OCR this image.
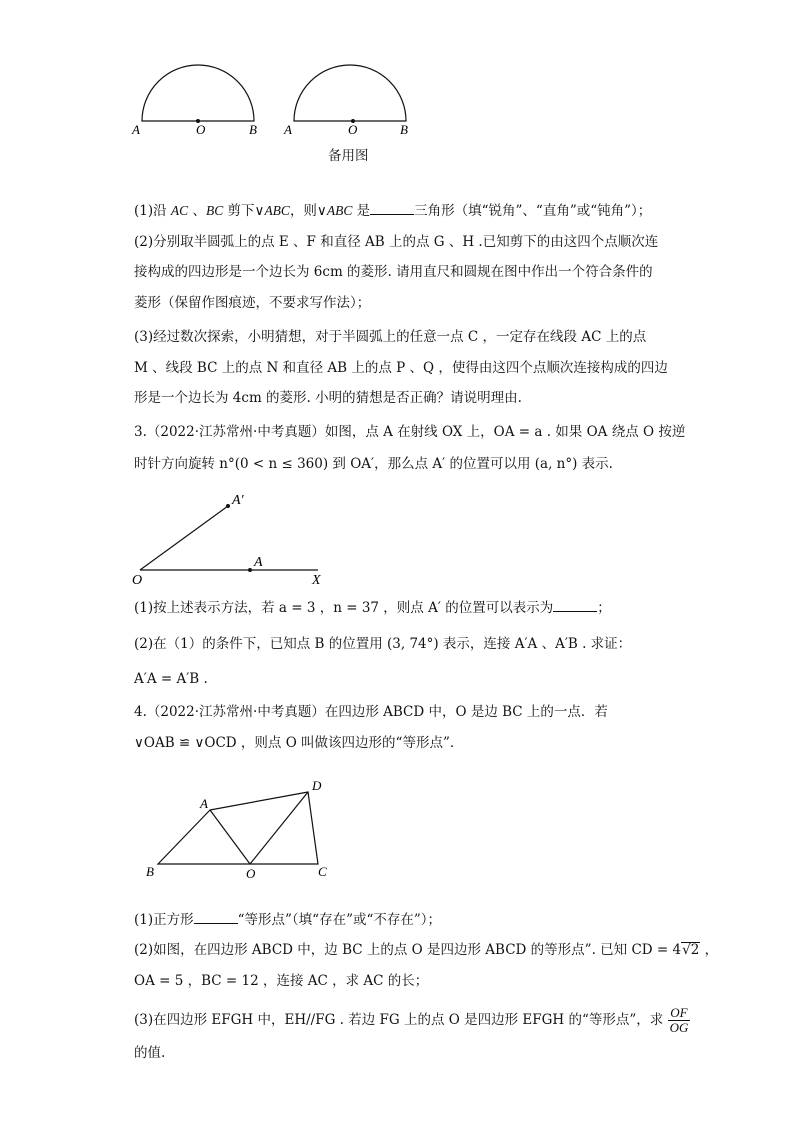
A	O	B A	O	B
备用图
(1)沿 AC 、BC 剪下∨ABC，则∨ABC 是	三角形（填“锐角”、“直角”或“钝角”）；
(2)分别取半圆弧上的点 E 、F 和直径 AB 上的点 G 、H .已知剪下的由这四个点顺次连
接构成的四边形是一个边长为 6cm 的菱形. 请用直尺和圆规在图中作出一个符合条件的
菱形（保留作图痕迹，不要求写作法）；
(3)经过数次探索，小明猜想，对于半圆弧上的任意一点 C ，一定存在线段 AC 上的点
M 、线段 BC 上的点 N 和直径 AB 上的点 P 、Q ，使得由这四个点顺次连接构成的四边
形是一个边长为 4cm 的菱形. 小明的猜想是否正确？请说明理由.
3.（2022·江苏常州·中考真题）如图，点 A 在射线 OX 上，OA = a . 如果 OA 绕点 O 按逆
时针方向旋转 n°(0 < n ≤ 360) 到 OA′，那么点 A′ 的位置可以用 (a, n°) 表示.
A′
A
O	X
(1)按上述表示方法，若 a = 3 ，n = 37 ，则点 A′ 的位置可以表示为	；
(2)在（1）的条件下，已知点 B 的位置用 (3, 74°) 表示，连接 A′A 、A′B . 求证：
A′A = A′B .
4.（2022·江苏常州·中考真题）在四边形 ABCD 中，O 是边 BC 上的一点．若
∨OAB ≌ ∨OCD ，则点 O 叫做该四边形的“等形点”．
A
D
B	O	C
(1)正方形	“等形点”（填“存在”或“不存在”）；
(2)如图，在四边形 ABCD 中，边 BC 上的点 O 是四边形 ABCD 的等形点”. 已知 CD = 4√2 ，
OA = 5 ，BC = 12 ，连接 AC ，求 AC 的长；
(3)在四边形 EFGH 中，EH//FG . 若边 FG 上的点 O 是四边形 EFGH 的“等形点”，求 $\frac{OF}{OG}$
的值.
